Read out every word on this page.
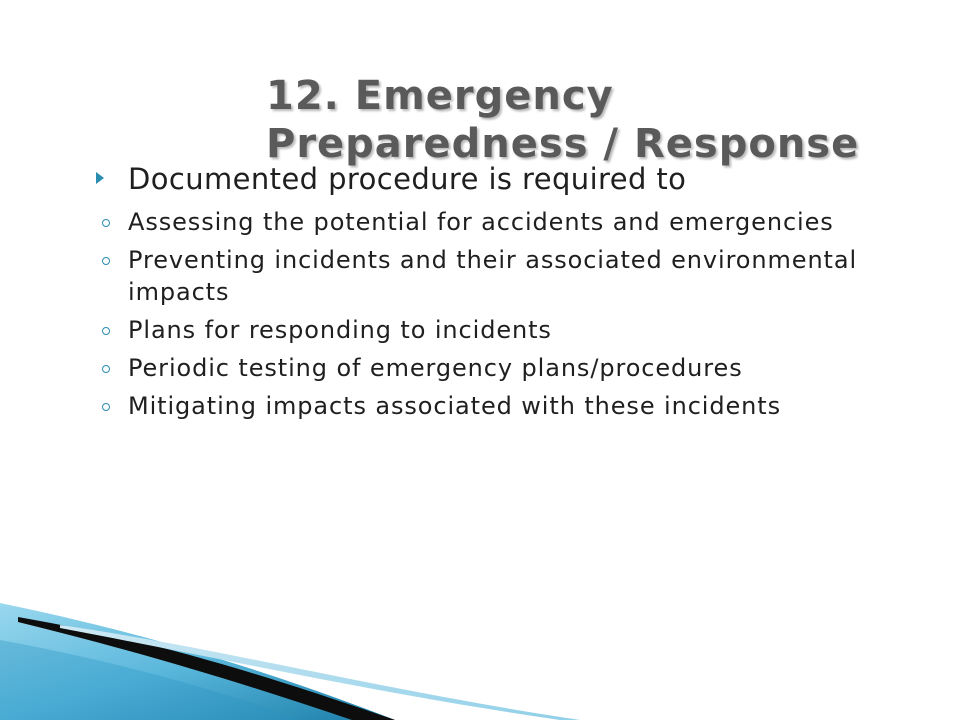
12. Emergency Preparedness / Response
Documented procedure is required to
Assessing the potential for accidents and emergencies
Preventing incidents and their associated environmental impacts
Plans for responding to incidents
Periodic testing of emergency plans/procedures
Mitigating impacts associated with these incidents
